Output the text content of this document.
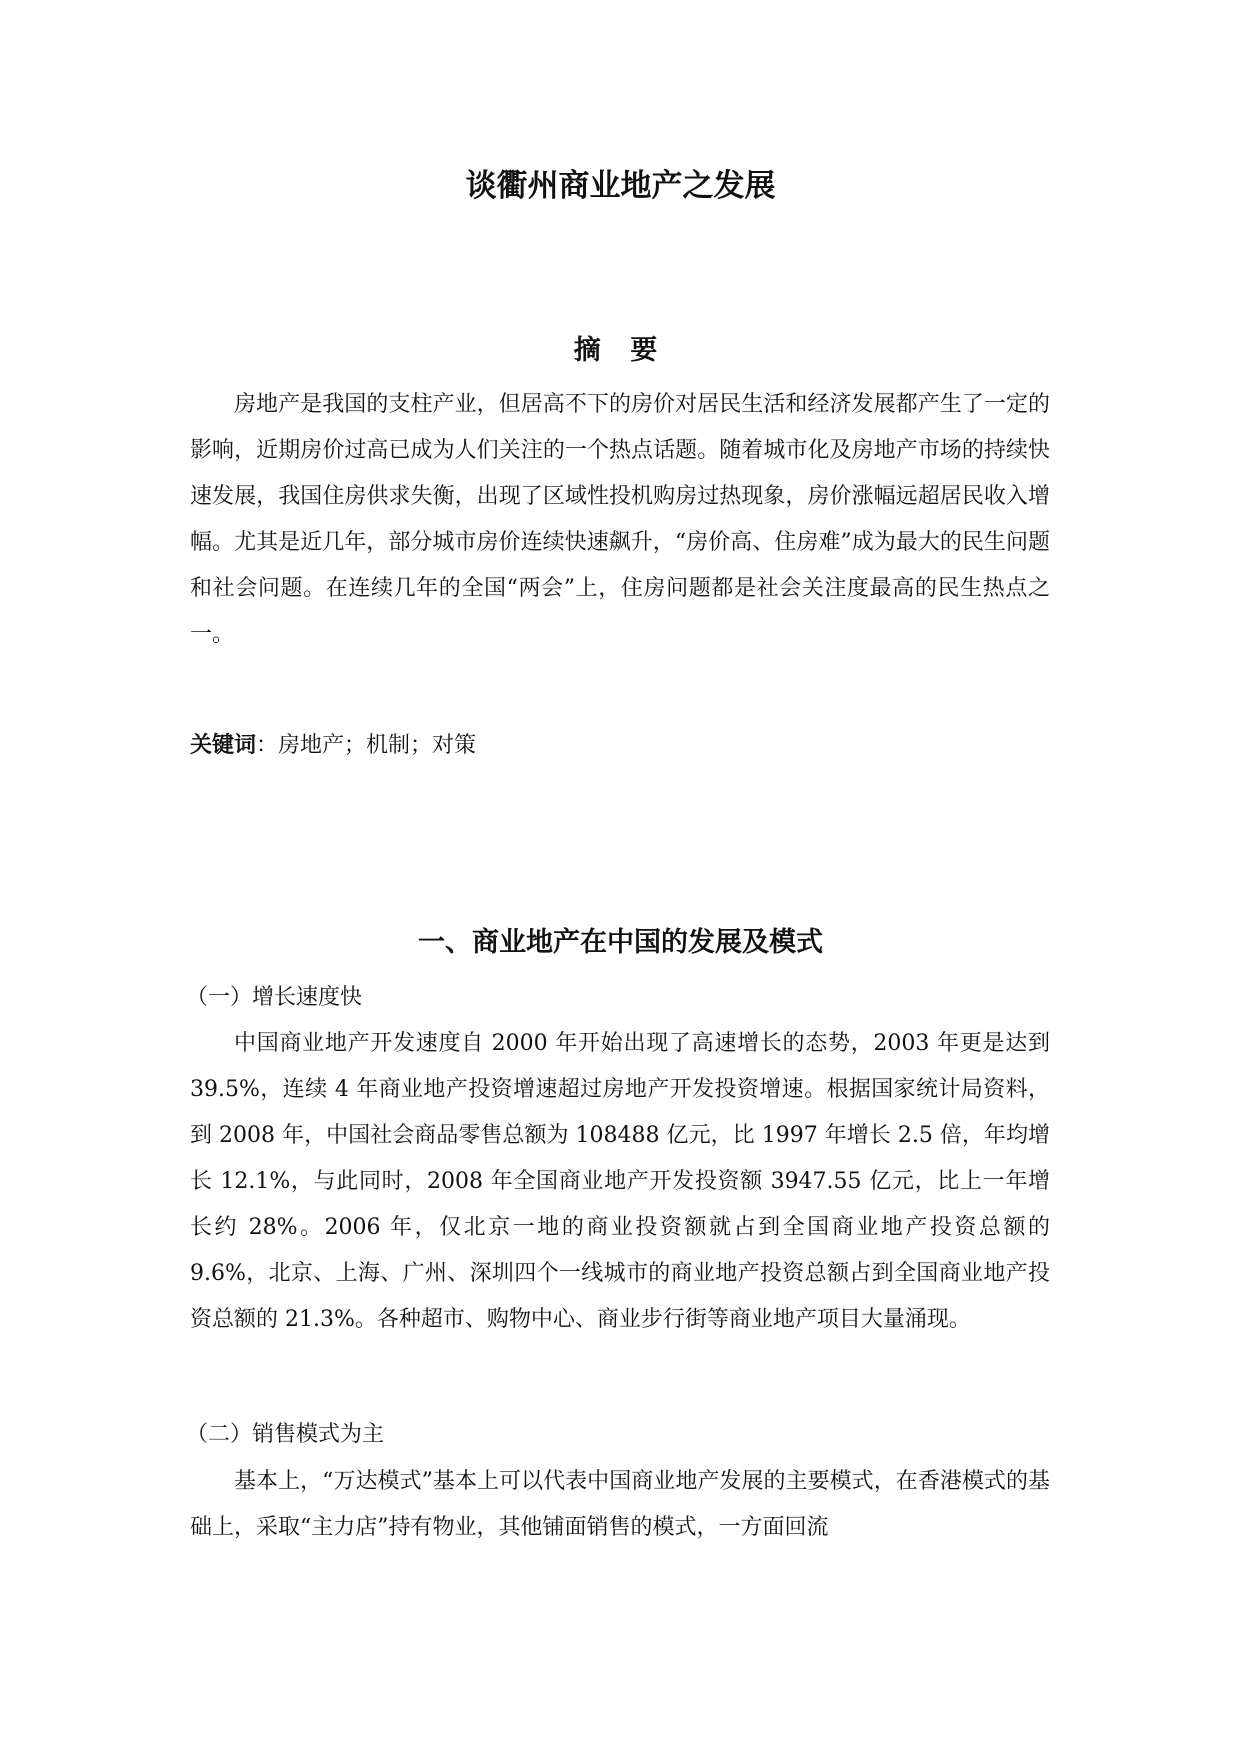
谈衢州商业地产之发展
摘 要

房地产是我国的支柱产业，但居高不下的房价对居民生活和经济发展都产生了一定的影响，近期房价过高已成为人们关注的一个热点话题。随着城市化及房地产市场的持续快速发展，我国住房供求失衡，出现了区域性投机购房过热现象，房价涨幅远超居民收入增幅。尤其是近几年，部分城市房价连续快速飙升，“房价高、住房难”成为最大的民生问题和社会问题。在连续几年的全国“两会”上，住房问题都是社会关注度最高的民生热点之一。

关键词：房地产；机制；对策

一、商业地产在中国的发展及模式

（一）增长速度快

中国商业地产开发速度自 2000 年开始出现了高速增长的态势，2003 年更是达到 39.5%，连续 4 年商业地产投资增速超过房地产开发投资增速。根据国家统计局资料，到 2008 年，中国社会商品零售总额为 108488 亿元，比 1997 年增长 2.5 倍，年均增长 12.1%，与此同时，2008 年全国商业地产开发投资额 3947.55 亿元，比上一年增长约 28%。2006 年，仅北京一地的商业投资额就占到全国商业地产投资总额的 9.6%，北京、上海、广州、深圳四个一线城市的商业地产投资总额占到全国商业地产投资总额的 21.3%。各种超市、购物中心、商业步行街等商业地产项目大量涌现。

（二）销售模式为主

基本上，“万达模式”基本上可以代表中国商业地产发展的主要模式，在香港模式的基础上，采取“主力店”持有物业，其他铺面销售的模式，一方面回流
